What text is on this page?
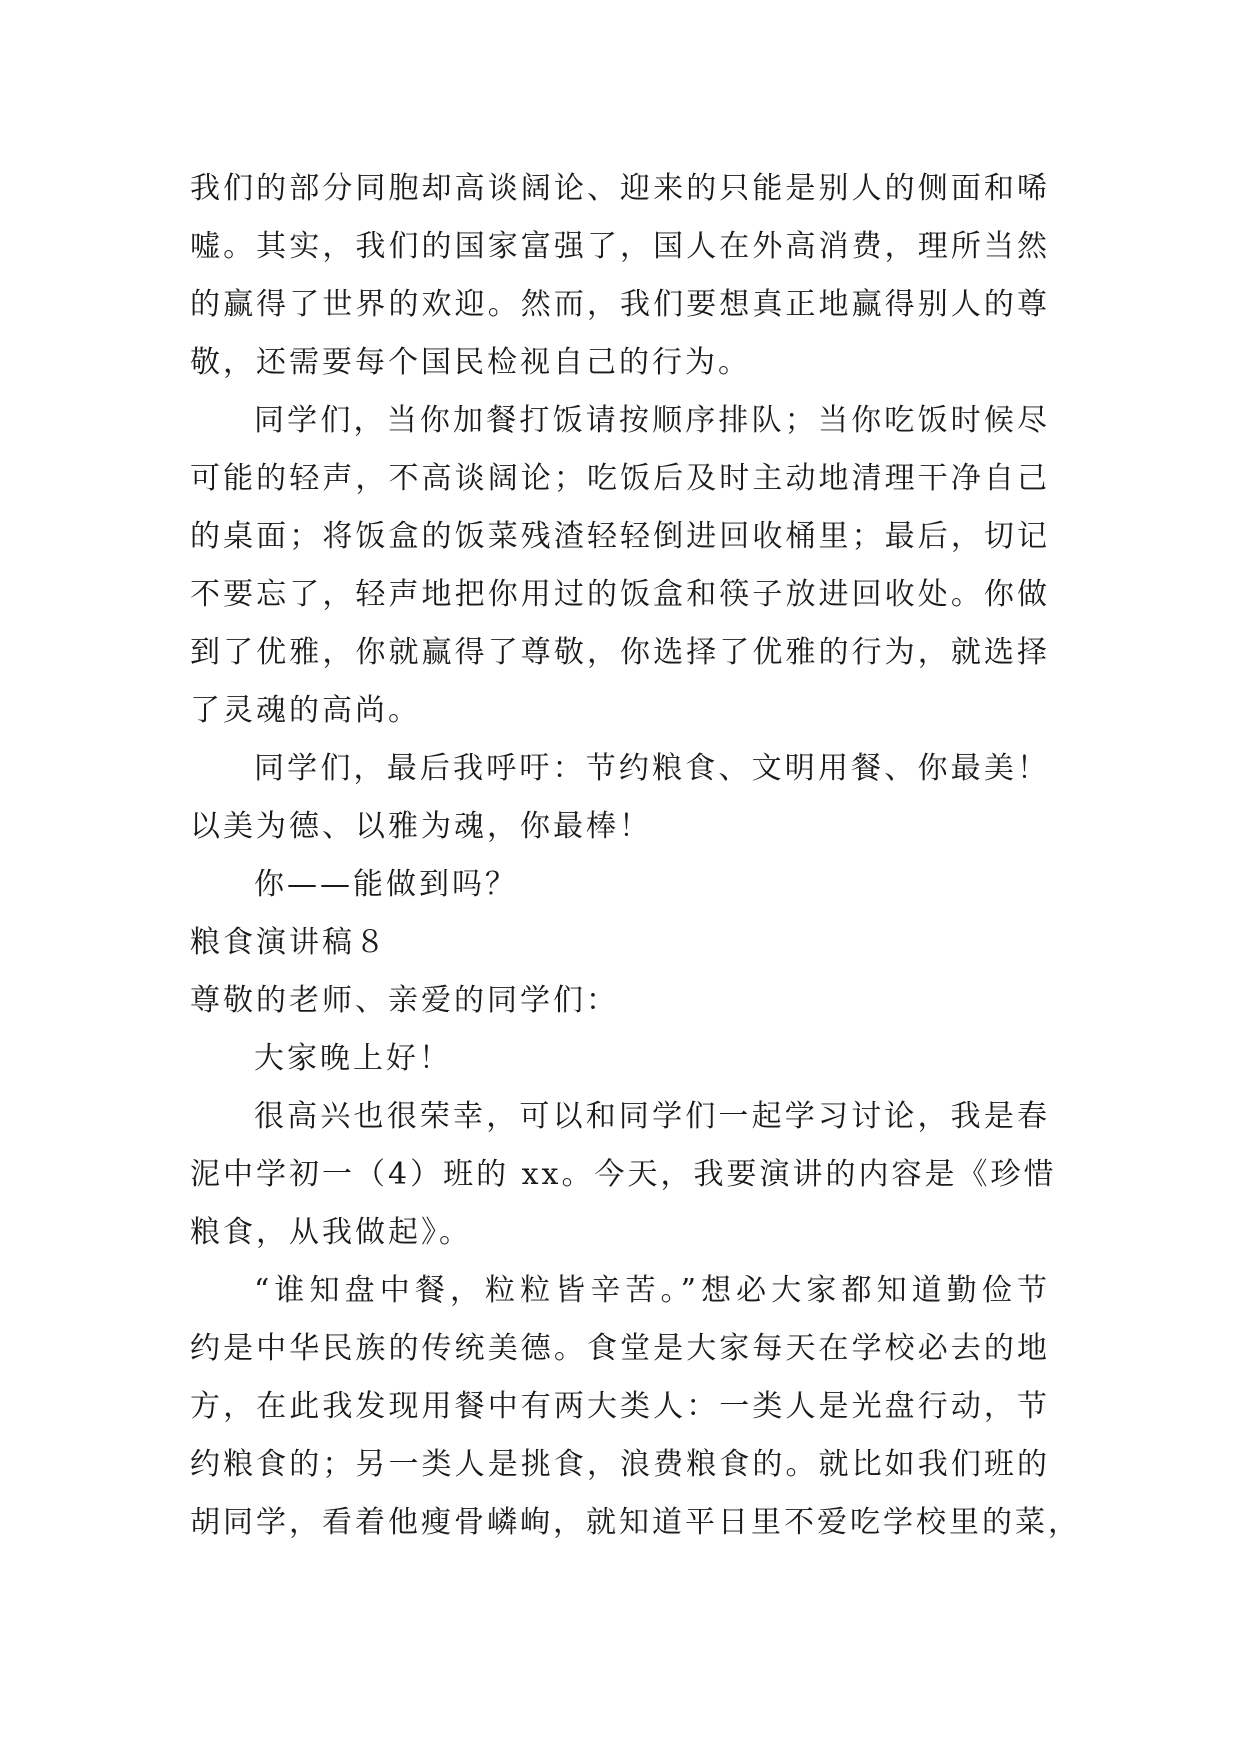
我们的部分同胞却高谈阔论、迎来的只能是别人的侧面和唏
嘘。其实，我们的国家富强了，国人在外高消费，理所当然
的赢得了世界的欢迎。然而，我们要想真正地赢得别人的尊
敬，还需要每个国民检视自己的行为。
同学们，当你加餐打饭请按顺序排队；当你吃饭时候尽
可能的轻声，不高谈阔论；吃饭后及时主动地清理干净自己
的桌面；将饭盒的饭菜残渣轻轻倒进回收桶里；最后，切记
不要忘了，轻声地把你用过的饭盒和筷子放进回收处。你做
到了优雅，你就赢得了尊敬，你选择了优雅的行为，就选择
了灵魂的高尚。
同学们，最后我呼吁：节约粮食、文明用餐、你最美！
以美为德、以雅为魂，你最棒！
你——能做到吗？
粮食演讲稿８
尊敬的老师、亲爱的同学们：
大家晚上好！
很高兴也很荣幸，可以和同学们一起学习讨论，我是春
泥中学初一（4）班的 xx。今天，我要演讲的内容是《珍惜
粮食，从我做起》。
“谁知盘中餐，粒粒皆辛苦。”想必大家都知道勤俭节
约是中华民族的传统美德。食堂是大家每天在学校必去的地
方，在此我发现用餐中有两大类人：一类人是光盘行动，节
约粮食的；另一类人是挑食，浪费粮食的。就比如我们班的
胡同学，看着他瘦骨嶙峋，就知道平日里不爱吃学校里的菜，
